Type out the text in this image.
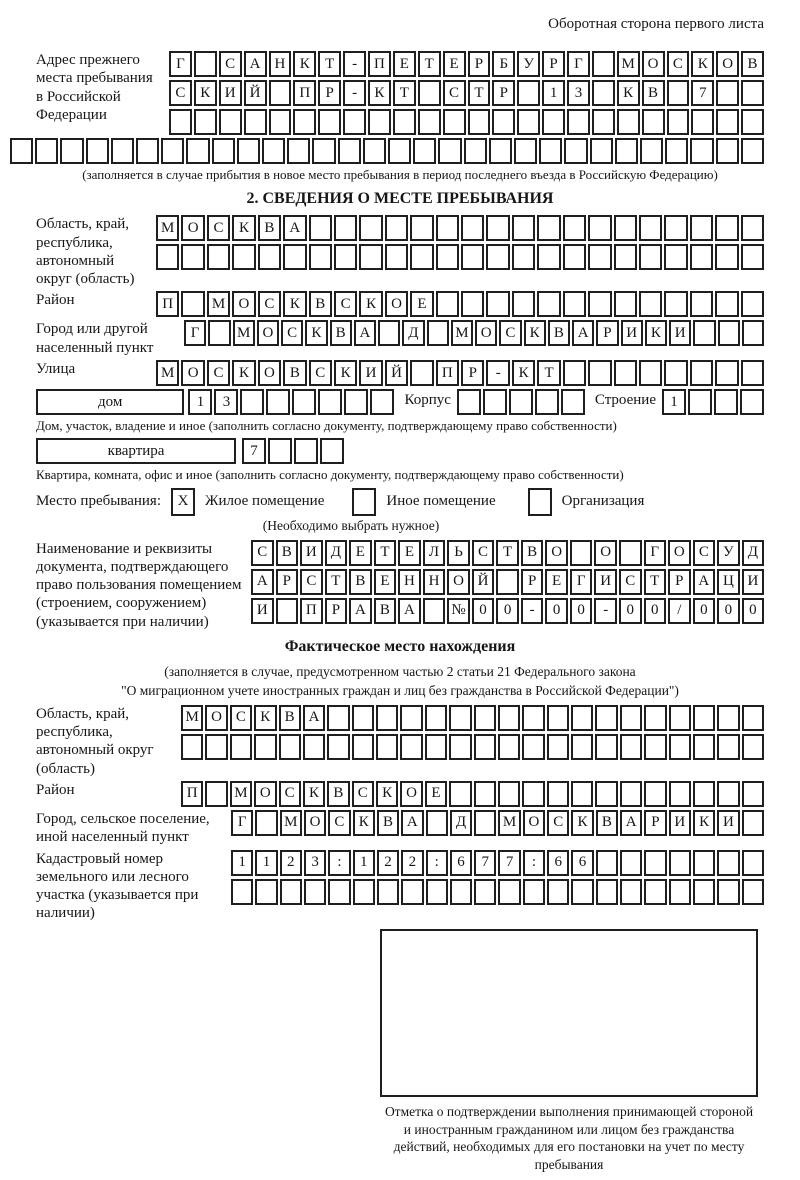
Оборотная сторона первого листа
Адрес прежнего места пребывания в Российской Федерации
Г	С А Н К	Т	-	П Е	Т	Е	Р	Б	У	Р	Г	М О С К О В
С К И Й	П	Р	-	К	Т	С	Т	Р	1	3	К В	7
(заполняется в случае прибытия в новое место пребывания в период последнего въезда в Российскую Федерацию)
2. СВЕДЕНИЯ О МЕСТЕ ПРЕБЫВАНИЯ
Область, край, республика, автономный округ (область)
М О	С	К	В А
Район	П	М О	С	К	В	С	К О	Е
Город или другой населенный пункт
Г	М О С К В А	Д	М О С К В А Р И К И
Улица	М О	С	К О	В	С	К И Й	П	Р	-	К	Т
дом	1	3	Корпус	Строение 1
Дом, участок, владение и иное (заполнить согласно документу, подтверждающему право собственности)
квартира	7
Квартира, комната, офис и иное (заполнить согласно документу, подтверждающему право собственности)
Место пребывания:	X	Жилое помещение	Иное помещение	Организация
(Необходимо выбрать нужное)
Наименование и реквизиты документа, подтверждающего право пользования помещением (строением, сооружением) (указывается при наличии)
С В И Д Е	Т	Е Л	Ь	С Т В О	О	Г О С У Д
А Р	С Т В Е Н Н О Й	Р	Е	Г И С Т	Р А Ц И
И	П Р А В А	№ 0	0	-	0	0	-	0	0	/	0	0	0
Фактическое место нахождения
(заполняется в случае, предусмотренном частью 2 статьи 21 Федерального закона
"О миграционном учете иностранных граждан и лиц без гражданства в Российской Федерации")
Область, край, республика, автономный округ (область)
М О С К В А
Район	П	М О С К В С К О Е
Город, сельское поселение, иной населенный пункт
Г	М О С К В А	Д	М О С К В А Р И К И
Кадастровый номер земельного или лесного участка (указывается при наличии)
1	1	2	3	:	1	2	2	:	6	7	7	:	6	6
Отметка о подтверждении выполнения принимающей стороной и иностранным гражданином или лицом без гражданства действий, необходимых для его постановки на учет по месту пребывания
